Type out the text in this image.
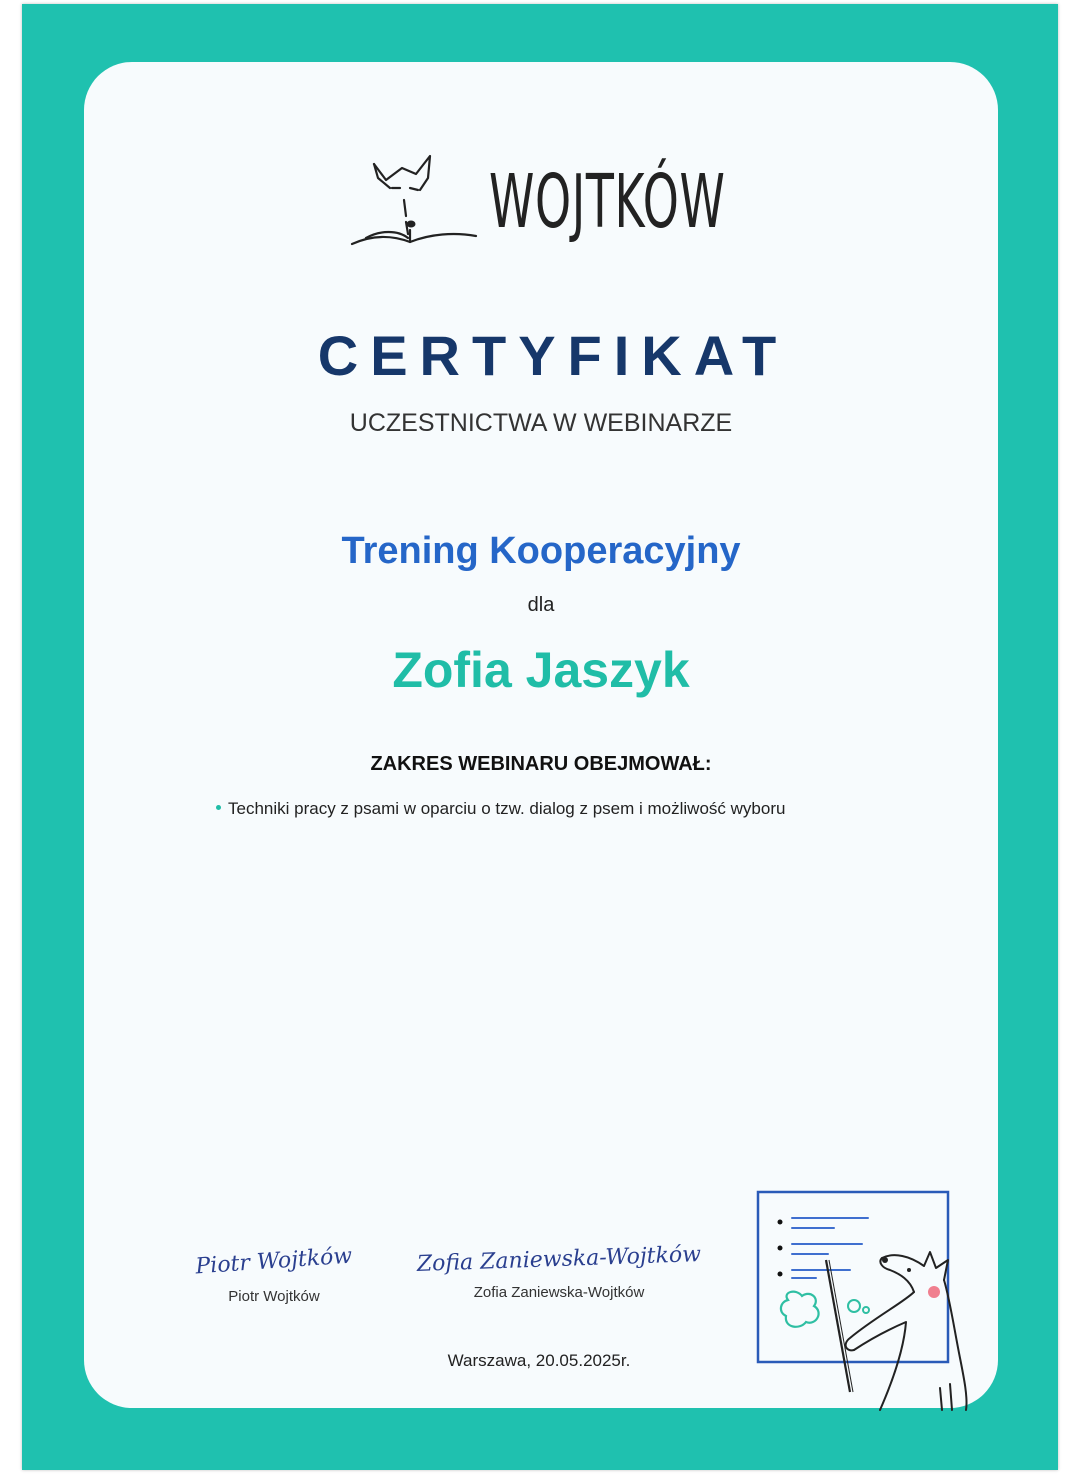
WOJTKÓW
CERTYFIKAT
UCZESTNICTWA W WEBINARZE
Trening Kooperacyjny
dla
Zofia Jaszyk
ZAKRES WEBINARU OBEJMOWAŁ:
Techniki pracy z psami w oparciu o tzw. dialog z psem i możliwość wyboru
Piotr Wojtków
Piotr Wojtków
Zofia Zaniewska-Wojtków
Zofia Zaniewska-Wojtków
Warszawa, 20.05.2025r.
